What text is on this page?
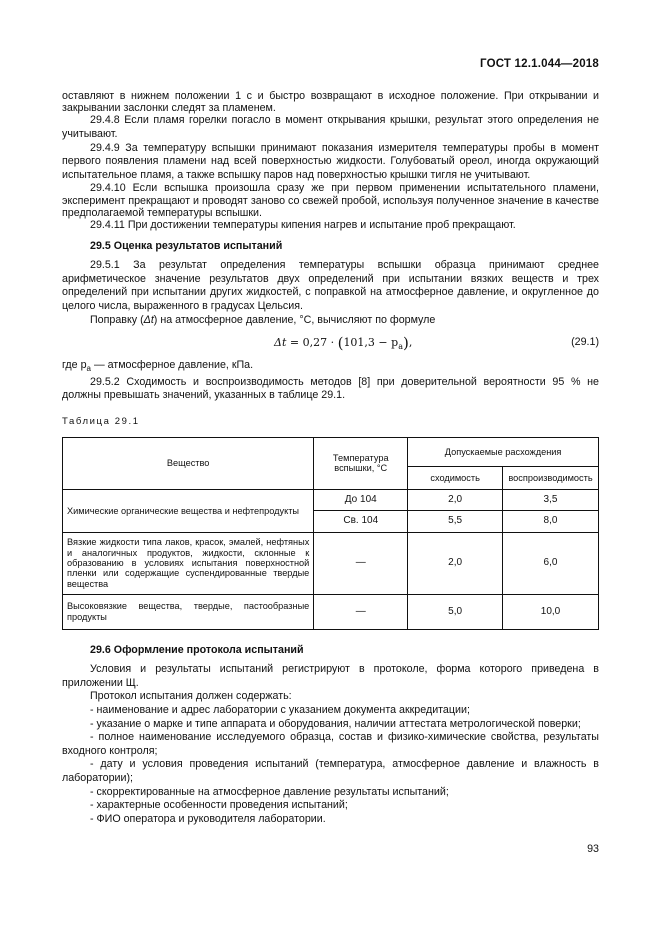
ГОСТ 12.1.044—2018

оставляют в нижнем положении 1 с и быстро возвращают в исходное положение. При открывании и закрывании заслонки следят за пламенем.

29.4.8 Если пламя горелки погасло в момент открывания крышки, результат этого определения не учитывают.

29.4.9 За температуру вспышки принимают показания измерителя температуры пробы в момент первого появления пламени над всей поверхностью жидкости. Голубоватый ореол, иногда окружающий испытательное пламя, а также вспышку паров над поверхностью крышки тигля не учитывают.

29.4.10 Если вспышка произошла сразу же при первом применении испытательного пламени, эксперимент прекращают и проводят заново со свежей пробой, используя полученное значение в качестве предполагаемой температуры вспышки.

29.4.11 При достижении температуры кипения нагрев и испытание проб прекращают.

29.5 Оценка результатов испытаний

29.5.1 За результат определения температуры вспышки образца принимают среднее арифметическое значение результатов двух определений при испытании вязких веществ и трех определений при испытании других жидкостей, с поправкой на атмосферное давление, и округленное до целого числа, выраженного в градусах Цельсия.

Поправку (Δt) на атмосферное давление, °С, вычисляют по формуле

$\Delta t = 0,27 \cdot (101,3 - p_а)$,	(29.1)

где $p_а$ — атмосферное давление, кПа.

29.5.2 Сходимость и воспроизводимость методов [8] при доверительной вероятности 95 % не должны превышать значений, указанных в таблице 29.1.

Таблица 29.1
Вещество	Температура вспышки, °С	Допускаемые расхождения	
		сходимость	воспроизводимость
Химические органические вещества и нефтепродукты	До 104	2,0	3,5
	Св. 104	5,5	8,0
Вязкие жидкости типа лаков, красок, эмалей, нефтяных и аналогичных продуктов, жидкости, склонные к образованию в условиях испытания поверхностной пленки или содержащие суспендированные твердые вещества	—	2,0	6,0
Высоковязкие вещества, твердые, пастообразные продукты	—	5,0	10,0

29.6 Оформление протокола испытаний

Условия и результаты испытаний регистрируют в протоколе, форма которого приведена в приложении Щ.

Протокол испытания должен содержать:

- наименование и адрес лаборатории с указанием документа аккредитации;

- указание о марке и типе аппарата и оборудования, наличии аттестата метрологической поверки;

- полное наименование исследуемого образца, состав и физико-химические свойства, результаты входного контроля;

- дату и условия проведения испытаний (температура, атмосферное давление и влажность в лаборатории);

- скорректированные на атмосферное давление результаты испытаний;

- характерные особенности проведения испытаний;

- ФИО оператора и руководителя лаборатории.

93
